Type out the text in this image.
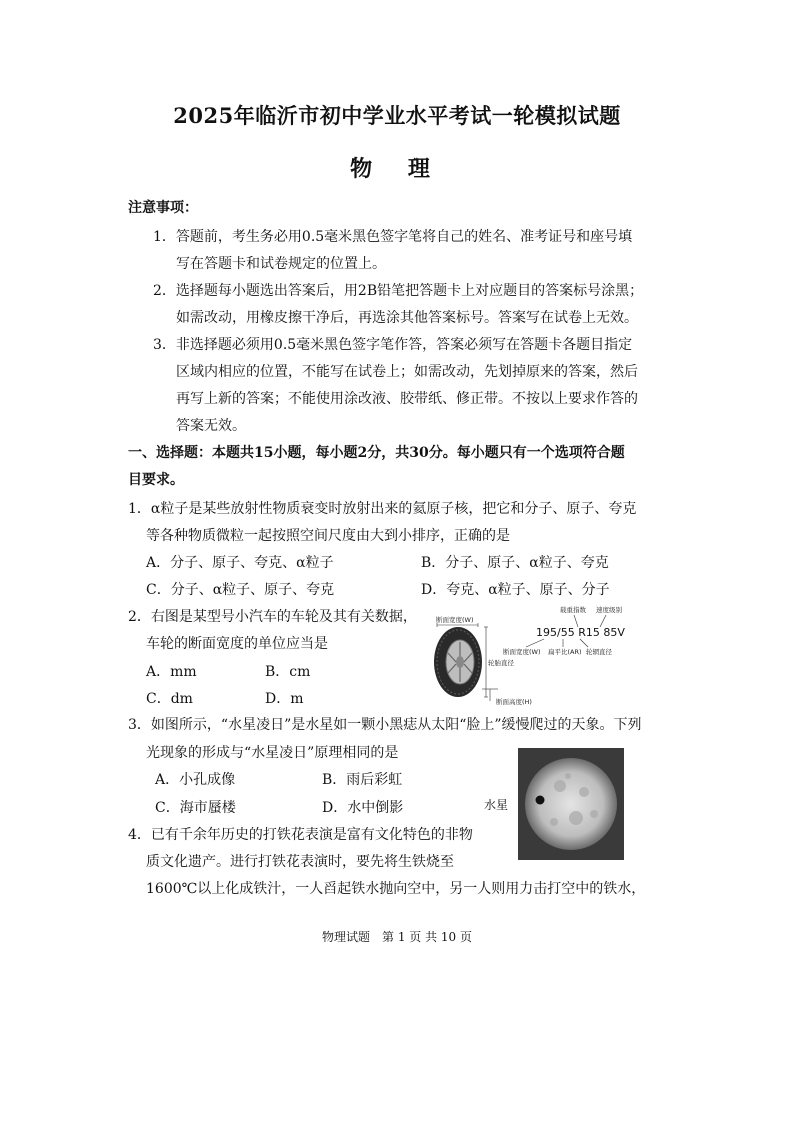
2025年临沂市初中学业水平考试一轮模拟试题
物 理
注意事项：
1．答题前，考生务必用0.5毫米黑色签字笔将自己的姓名、准考证号和座号填
写在答题卡和试卷规定的位置上。
2．选择题每小题选出答案后，用2B铅笔把答题卡上对应题目的答案标号涂黑；
如需改动，用橡皮擦干净后，再选涂其他答案标号。答案写在试卷上无效。
3．非选择题必须用0.5毫米黑色签字笔作答，答案必须写在答题卡各题目指定
区域内相应的位置，不能写在试卷上；如需改动，先划掉原来的答案，然后
再写上新的答案；不能使用涂改液、胶带纸、修正带。不按以上要求作答的
答案无效。
一、选择题：本题共15小题，每小题2分，共30分。每小题只有一个选项符合题
目要求。
1．α粒子是某些放射性物质衰变时放射出来的氦原子核，把它和分子、原子、夸克
等各种物质微粒一起按照空间尺度由大到小排序，正确的是
A．分子、原子、夸克、α粒子	B．分子、原子、α粒子、夸克
C．分子、α粒子、原子、夸克	D．夸克、α粒子、原子、分子
2．右图是某型号小汽车的车轮及其有关数据，
车轮的断面宽度的单位应当是
A．mm	B．cm
C．dm	D．m
断面宽度(W)
轮胎直径
断面高度(H)
载重指数 速度级别
195/55 R15 85V
断面宽度(W) 扁平比(AR) 轮辋直径
3．如图所示，“水星凌日”是水星如一颗小黑痣从太阳“脸上”缓慢爬过的天象。下列
光现象的形成与“水星凌日”原理相同的是
A．小孔成像	B．雨后彩虹
C．海市蜃楼	D．水中倒影	水星
4．已有千余年历史的打铁花表演是富有文化特色的非物
质文化遗产。进行打铁花表演时，要先将生铁烧至
1600℃以上化成铁汁，一人舀起铁水抛向空中，另一人则用力击打空中的铁水，
物理试题　第 1 页 共 10 页
